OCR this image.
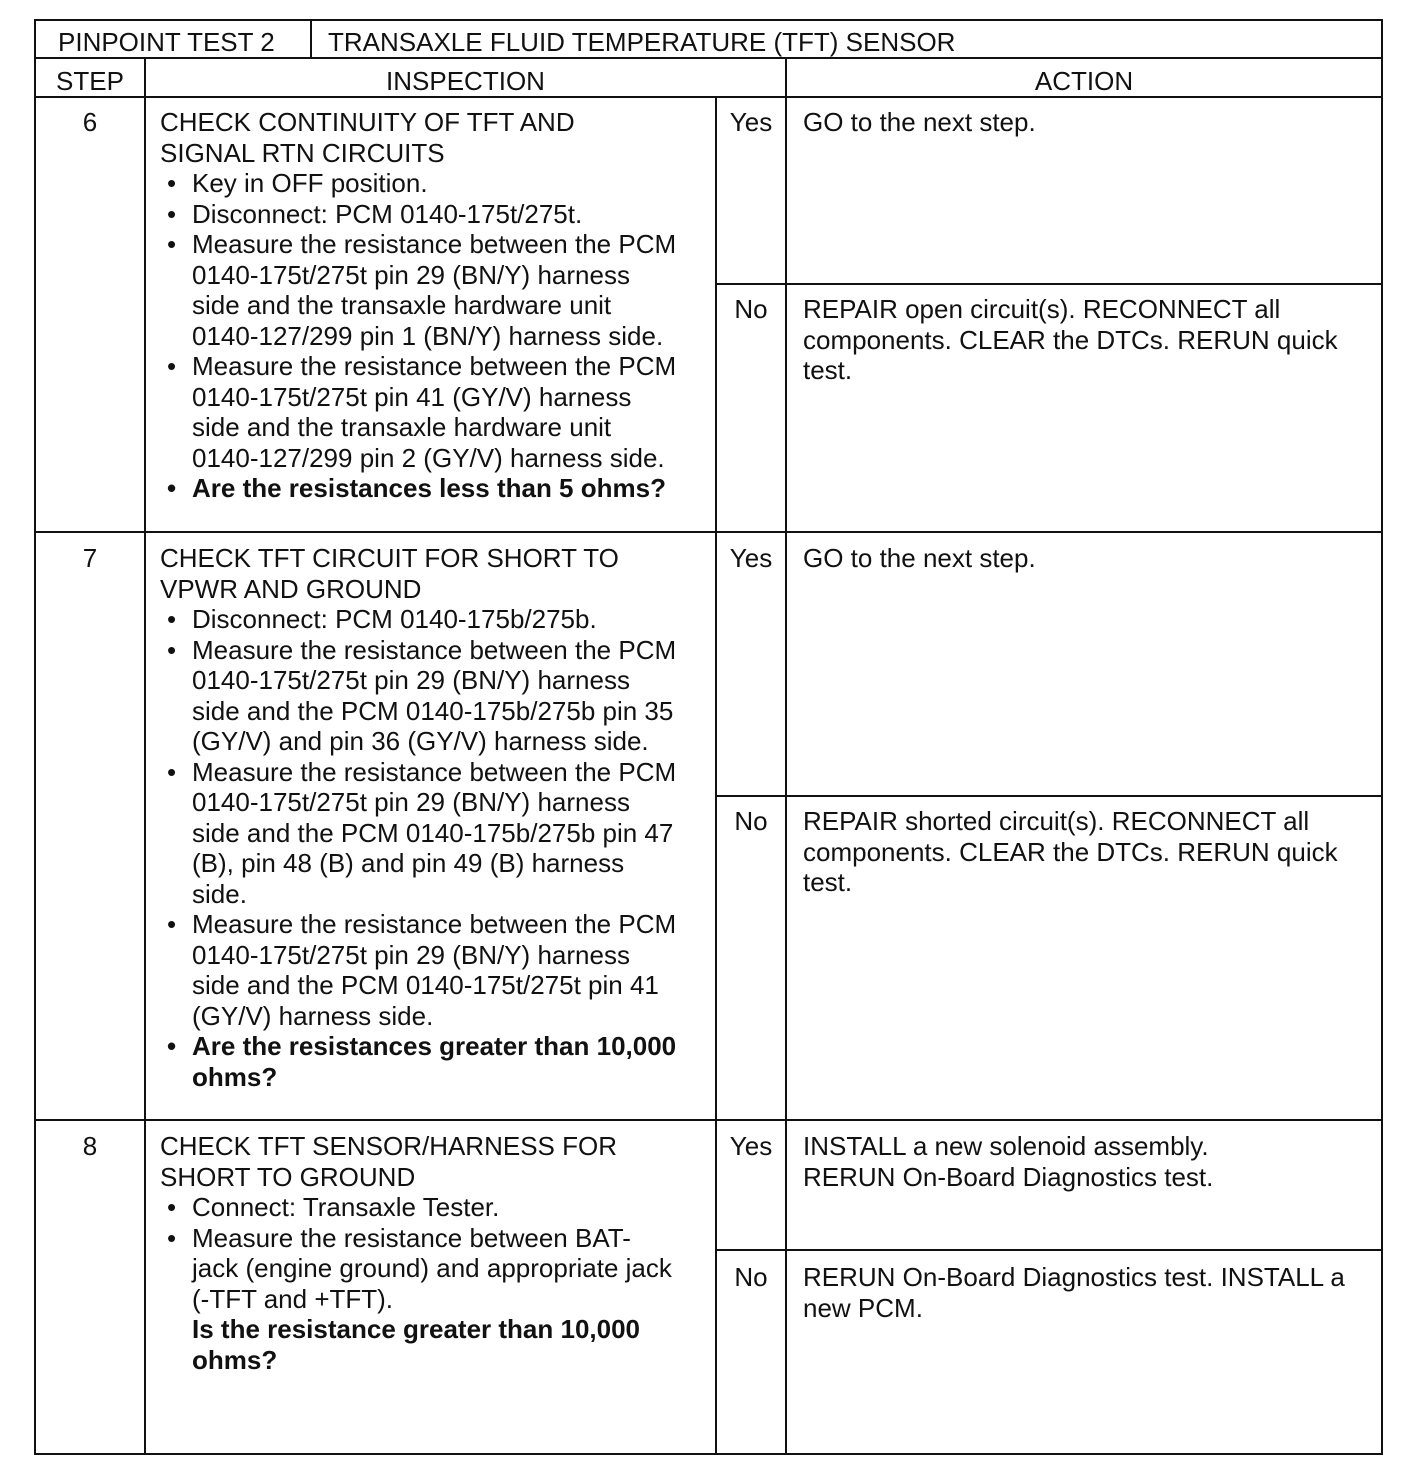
PINPOINT TEST 2 TRANSAXLE FLUID TEMPERATURE (TFT) SENSOR
STEP	INSPECTION	ACTION
6	CHECK CONTINUITY OF TFT AND
SIGNAL RTN CIRCUITS
• Key in OFF position.
• Disconnect: PCM 0140-175t/275t.
• Measure the resistance between the PCM
0140-175t/275t pin 29 (BN/Y) harness
side and the transaxle hardware unit
0140-127/299 pin 1 (BN/Y) harness side.
• Measure the resistance between the PCM
0140-175t/275t pin 41 (GY/V) harness
side and the transaxle hardware unit
0140-127/299 pin 2 (GY/V) harness side.
• Are the resistances less than 5 ohms?
Yes	GO to the next step.
No	REPAIR open circuit(s). RECONNECT all
components. CLEAR the DTCs. RERUN quick
test.
7	CHECK TFT CIRCUIT FOR SHORT TO
VPWR AND GROUND
• Disconnect: PCM 0140-175b/275b.
• Measure the resistance between the PCM
0140-175t/275t pin 29 (BN/Y) harness
side and the PCM 0140-175b/275b pin 35
(GY/V) and pin 36 (GY/V) harness side.
• Measure the resistance between the PCM
0140-175t/275t pin 29 (BN/Y) harness
side and the PCM 0140-175b/275b pin 47
(B), pin 48 (B) and pin 49 (B) harness
side.
• Measure the resistance between the PCM
0140-175t/275t pin 29 (BN/Y) harness
side and the PCM 0140-175t/275t pin 41
(GY/V) harness side.
• Are the resistances greater than 10,000
ohms?
Yes	GO to the next step.
No	REPAIR shorted circuit(s). RECONNECT all
components. CLEAR the DTCs. RERUN quick
test.
8	CHECK TFT SENSOR/HARNESS FOR
SHORT TO GROUND
• Connect: Transaxle Tester.
• Measure the resistance between BAT-
jack (engine ground) and appropriate jack
(-TFT and +TFT).
Is the resistance greater than 10,000
ohms?
Yes	INSTALL a new solenoid assembly.
RERUN On-Board Diagnostics test.
No	RERUN On-Board Diagnostics test. INSTALL a
new PCM.
